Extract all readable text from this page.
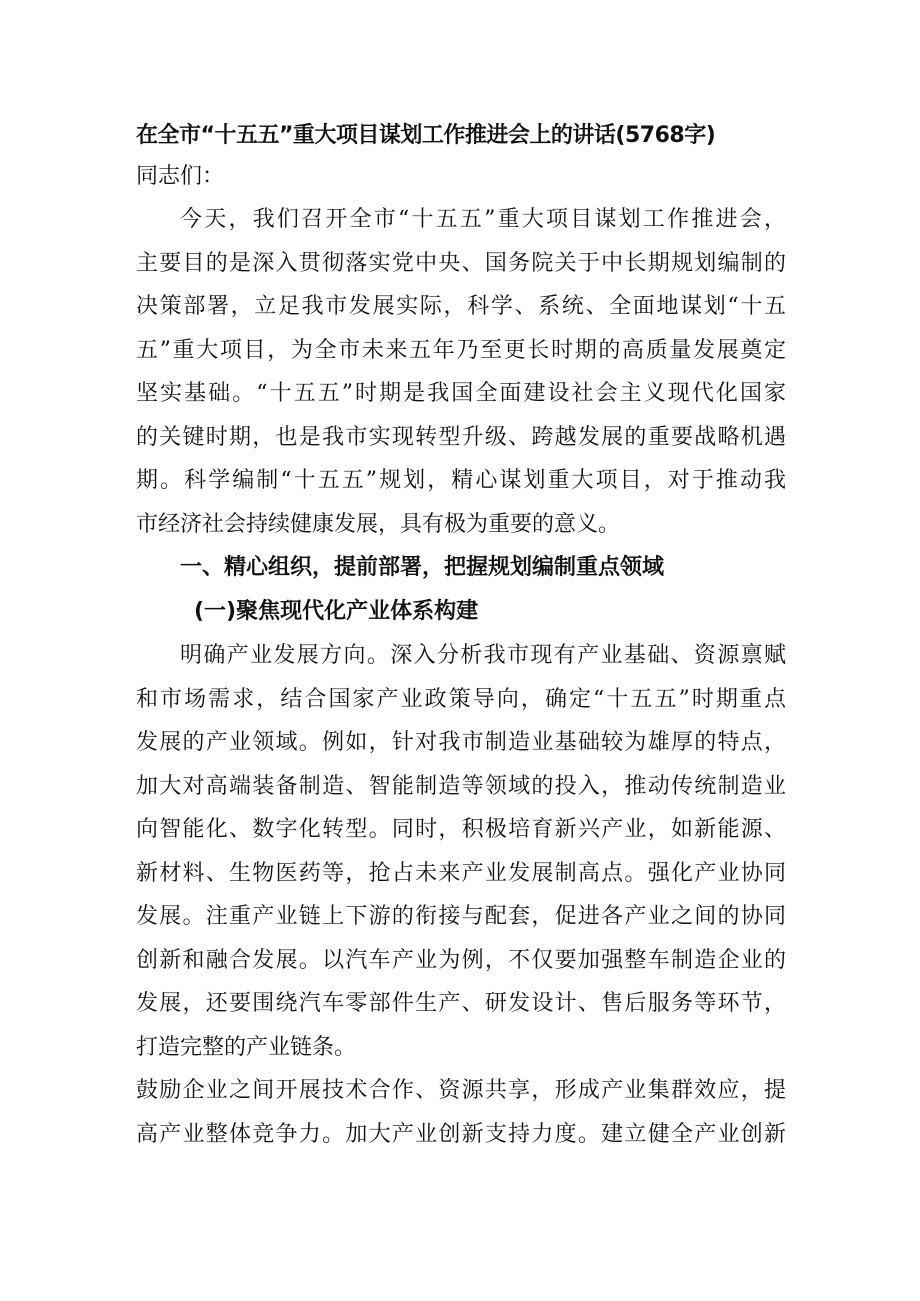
在全市“十五五”重大项目谋划工作推进会上的讲话(5768字)
同志们：
今天，我们召开全市“十五五”重大项目谋划工作推进会，
主要目的是深入贯彻落实党中央、国务院关于中长期规划编制的
决策部署，立足我市发展实际，科学、系统、全面地谋划“十五
五”重大项目，为全市未来五年乃至更长时期的高质量发展奠定
坚实基础。“十五五”时期是我国全面建设社会主义现代化国家
的关键时期，也是我市实现转型升级、跨越发展的重要战略机遇
期。科学编制“十五五”规划，精心谋划重大项目，对于推动我
市经济社会持续健康发展，具有极为重要的意义。
一、精心组织，提前部署，把握规划编制重点领域
(一)聚焦现代化产业体系构建
明确产业发展方向。深入分析我市现有产业基础、资源禀赋
和市场需求，结合国家产业政策导向，确定“十五五”时期重点
发展的产业领域。例如，针对我市制造业基础较为雄厚的特点，
加大对高端装备制造、智能制造等领域的投入，推动传统制造业
向智能化、数字化转型。同时，积极培育新兴产业，如新能源、
新材料、生物医药等，抢占未来产业发展制高点。强化产业协同
发展。注重产业链上下游的衔接与配套，促进各产业之间的协同
创新和融合发展。以汽车产业为例，不仅要加强整车制造企业的
发展，还要围绕汽车零部件生产、研发设计、售后服务等环节，
打造完整的产业链条。
鼓励企业之间开展技术合作、资源共享，形成产业集群效应，提
高产业整体竞争力。加大产业创新支持力度。建立健全产业创新
